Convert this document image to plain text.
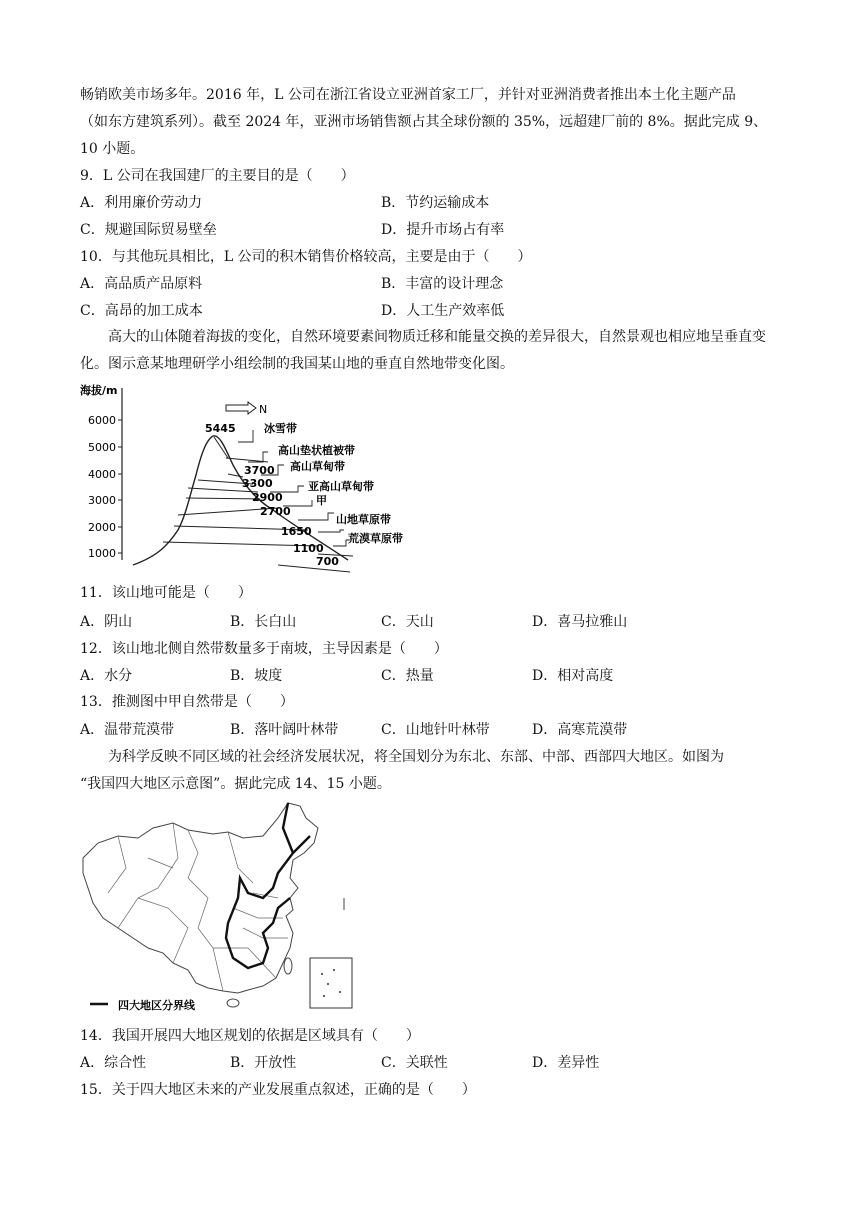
畅销欧美市场多年。2016 年，L 公司在浙江省设立亚洲首家工厂，并针对亚洲消费者推出本土化主题产品
（如东方建筑系列）。截至 2024 年，亚洲市场销售额占其全球份额的 35%，远超建厂前的 8%。据此完成 9、
10 小题。
9．L 公司在我国建厂的主要目的是（　　）
A．利用廉价劳动力	B．节约运输成本
C．规避国际贸易壁垒	D．提升市场占有率
10．与其他玩具相比，L 公司的积木销售价格较高，主要是由于（　　）
A．高品质产品原料	B．丰富的设计理念
C．高昂的加工成本	D．人工生产效率低
高大的山体随着海拔的变化，自然环境要素间物质迁移和能量交换的差异很大，自然景观也相应地呈垂直变化。图示意某地理研学小组绘制的我国某山地的垂直自然地带变化图。
海拔/m
6000
5000
4000
3000
2000
1000
N
5445
3700
3300
2900
2700
1650
1100
700
冰雪带
高山垫状植被带
高山草甸带
亚高山草甸带
甲
山地草原带
荒漠草原带
11．该山地可能是（　　）
A．阴山	B．长白山	C．天山	D．喜马拉雅山
12．该山地北侧自然带数量多于南坡，主导因素是（　　）
A．水分	B．坡度	C．热量	D．相对高度
13．推测图中甲自然带是（　　）
A．温带荒漠带	B．落叶阔叶林带	C．山地针叶林带	D．高寒荒漠带
为科学反映不同区域的社会经济发展状况，将全国划分为东北、东部、中部、西部四大地区。如图为
“我国四大地区示意图”。据此完成 14、15 小题。
四大地区分界线
14．我国开展四大地区规划的依据是区域具有（　　）
A．综合性	B．开放性	C．关联性	D．差异性
15．关于四大地区未来的产业发展重点叙述，正确的是（　　）
